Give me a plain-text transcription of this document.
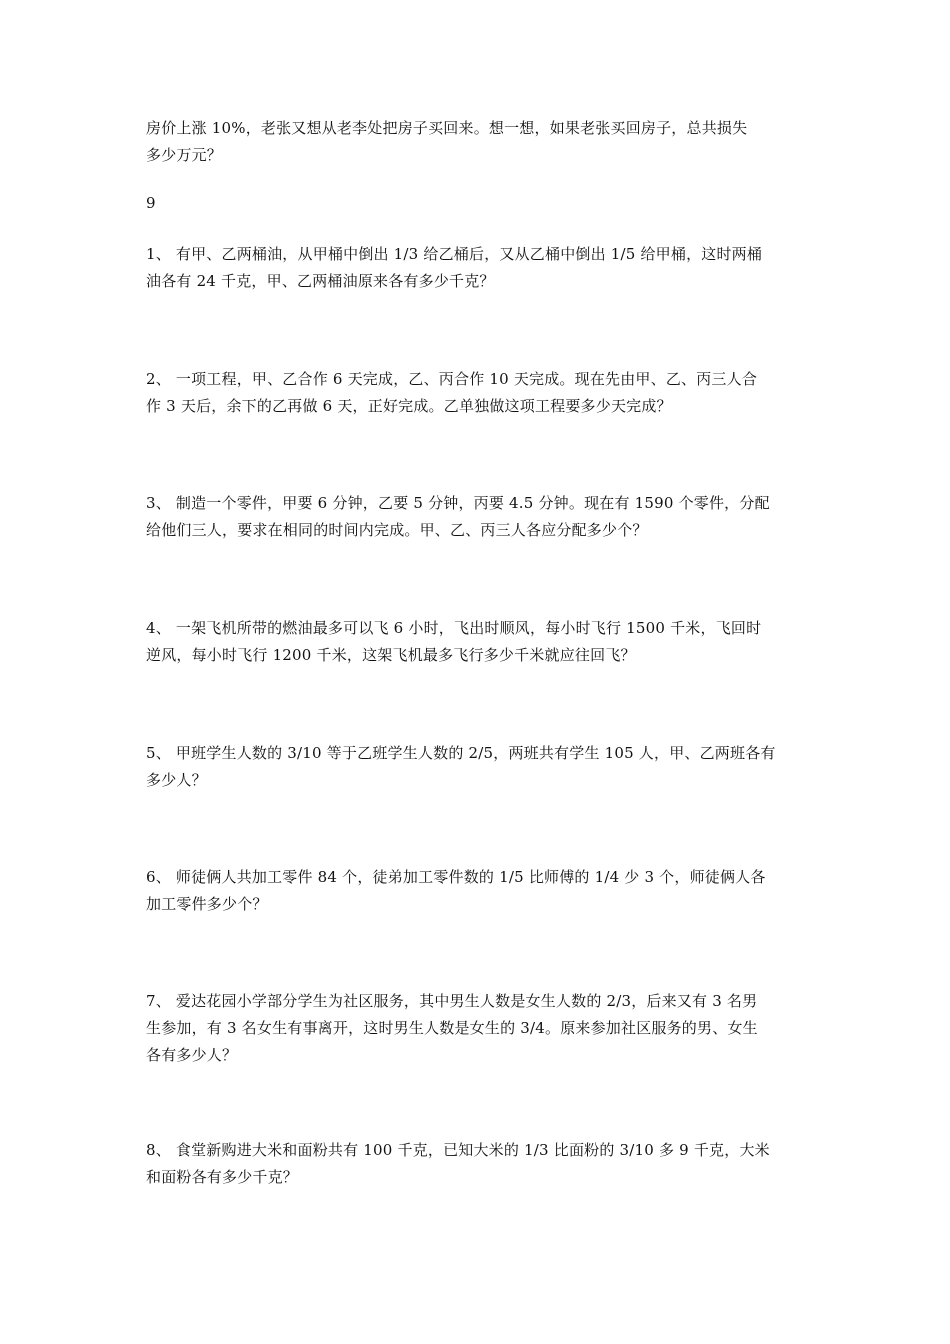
房价上涨 10%，老张又想从老李处把房子买回来。想一想，如果老张买回房子，总共损失
多少万元？

9

1、 有甲、乙两桶油，从甲桶中倒出 1/3 给乙桶后，又从乙桶中倒出 1/5 给甲桶，这时两桶
油各有 24 千克，甲、乙两桶油原来各有多少千克？

2、 一项工程，甲、乙合作 6 天完成，乙、丙合作 10 天完成。现在先由甲、乙、丙三人合
作 3 天后，余下的乙再做 6 天，正好完成。乙单独做这项工程要多少天完成？

3、 制造一个零件，甲要 6 分钟，乙要 5 分钟，丙要 4.5 分钟。现在有 1590 个零件，分配
给他们三人，要求在相同的时间内完成。甲、乙、丙三人各应分配多少个？

4、 一架飞机所带的燃油最多可以飞 6 小时，飞出时顺风，每小时飞行 1500 千米，飞回时
逆风，每小时飞行 1200 千米，这架飞机最多飞行多少千米就应往回飞？

5、 甲班学生人数的 3/10 等于乙班学生人数的 2/5，两班共有学生 105 人，甲、乙两班各有
多少人？

6、 师徒俩人共加工零件 84 个，徒弟加工零件数的 1/5 比师傅的 1/4 少 3 个，师徒俩人各
加工零件多少个？

7、 爱达花园小学部分学生为社区服务，其中男生人数是女生人数的 2/3，后来又有 3 名男
生参加，有 3 名女生有事离开，这时男生人数是女生的 3/4。原来参加社区服务的男、女生
各有多少人？

8、 食堂新购进大米和面粉共有 100 千克，已知大米的 1/3 比面粉的 3/10 多 9 千克，大米
和面粉各有多少千克？
